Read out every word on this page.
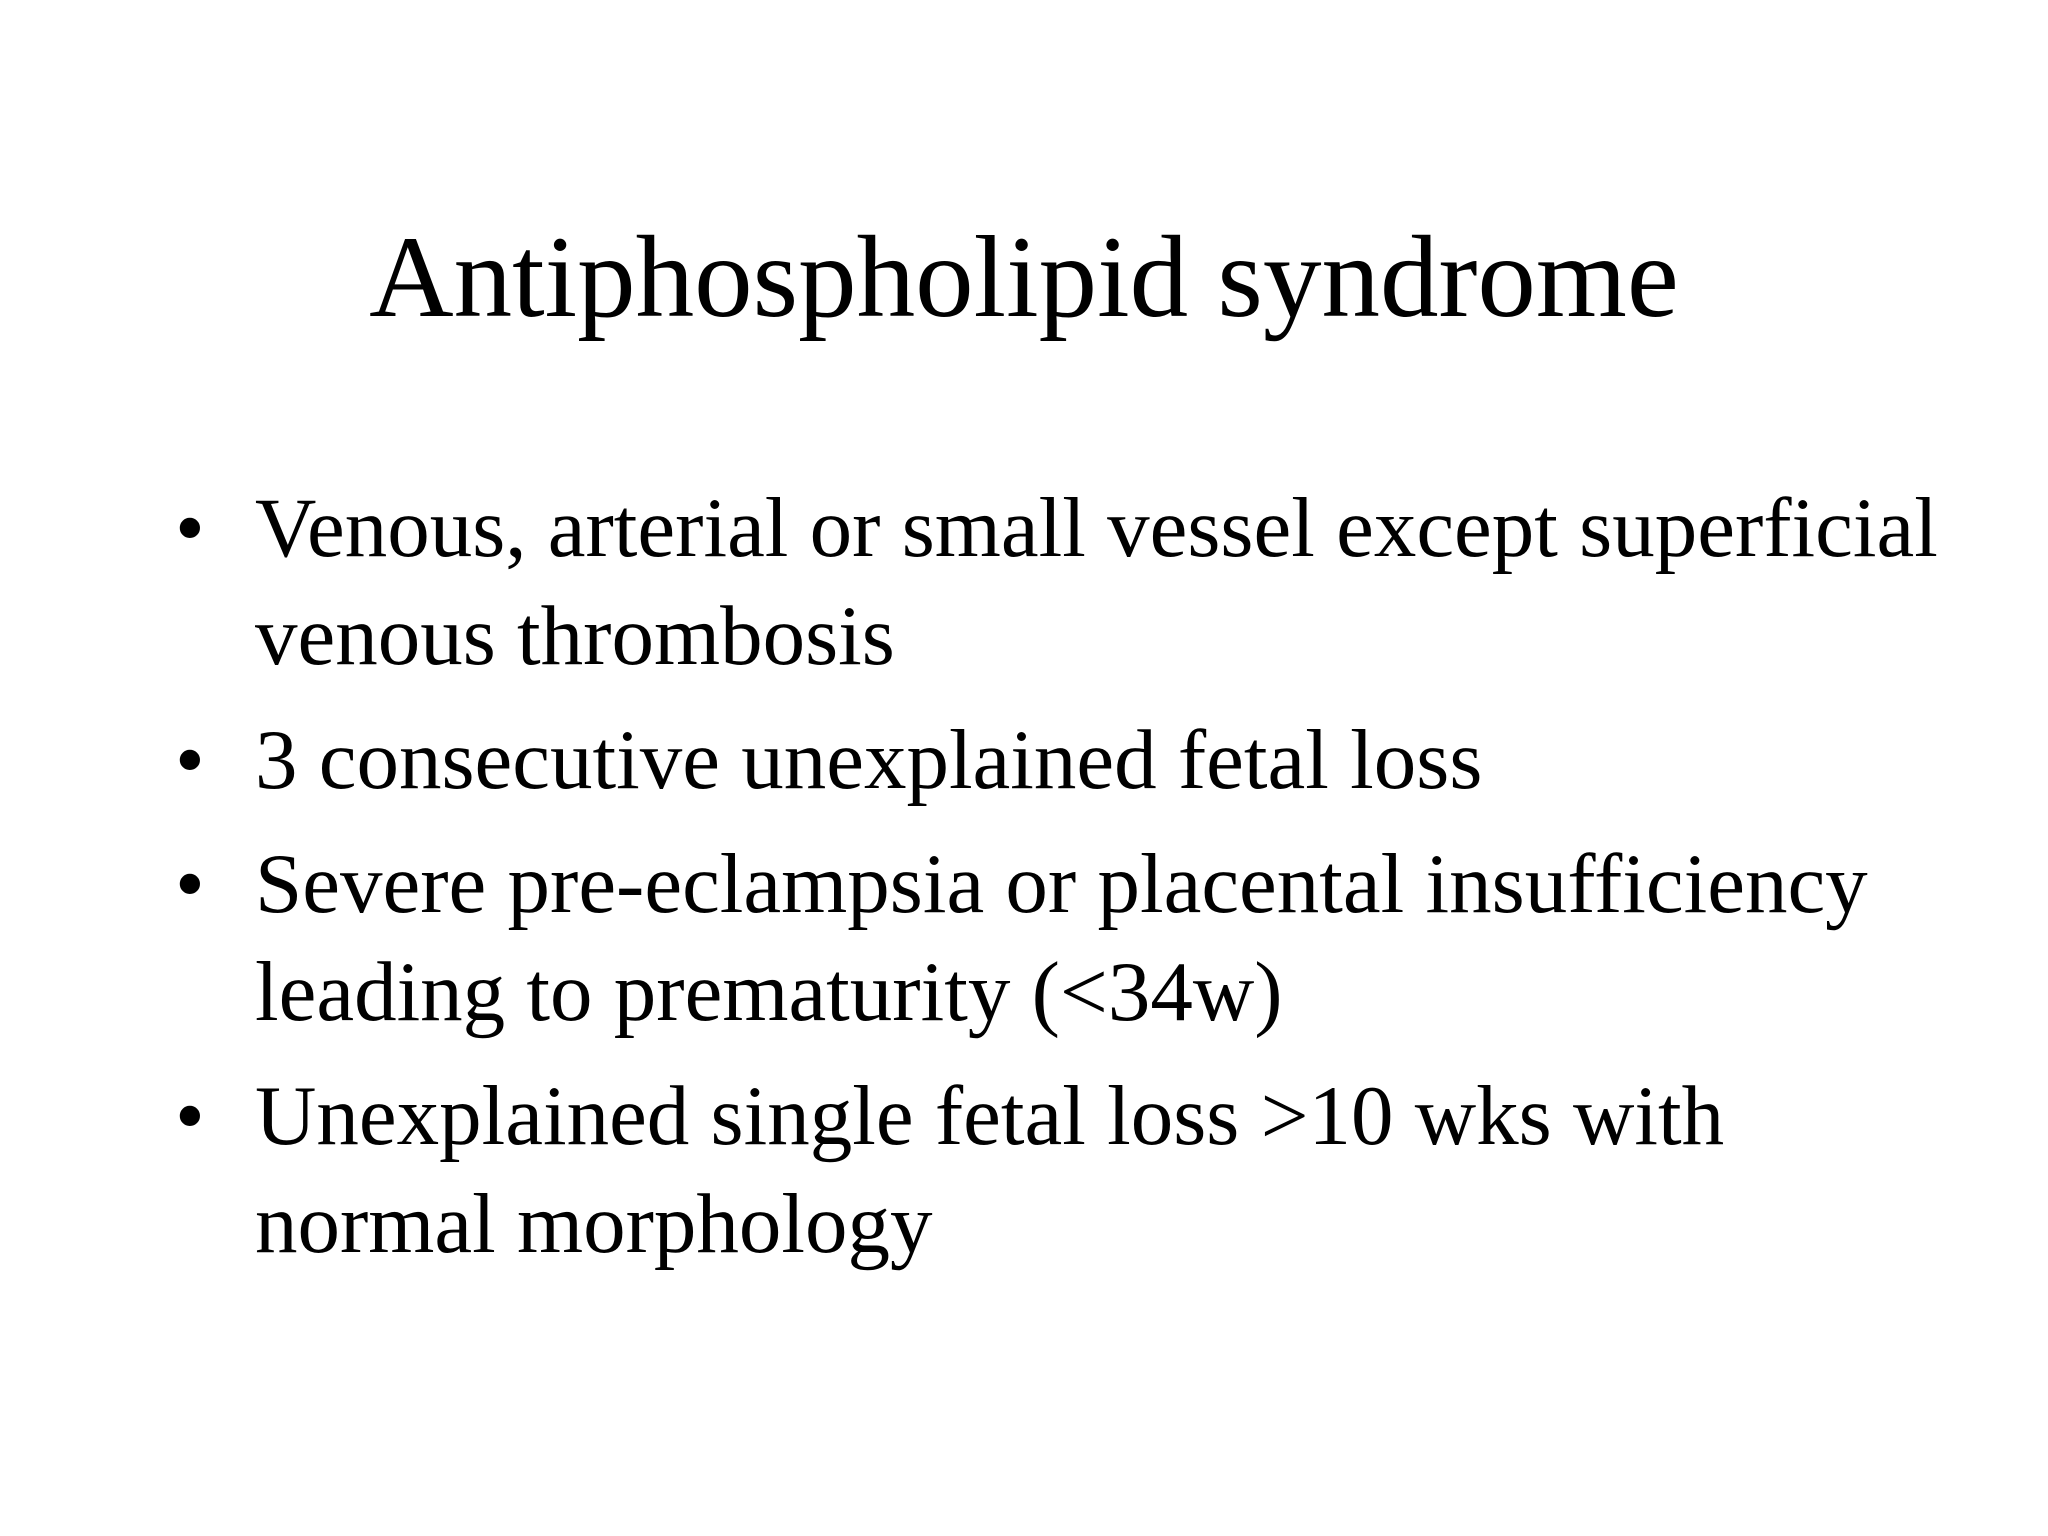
Antiphospholipid syndrome
• Venous, arterial or small vessel except superficial venous thrombosis
• 3 consecutive unexplained fetal loss
• Severe pre-eclampsia or placental insufficiency leading to prematurity (<34w)
• Unexplained single fetal loss >10 wks with normal morphology
